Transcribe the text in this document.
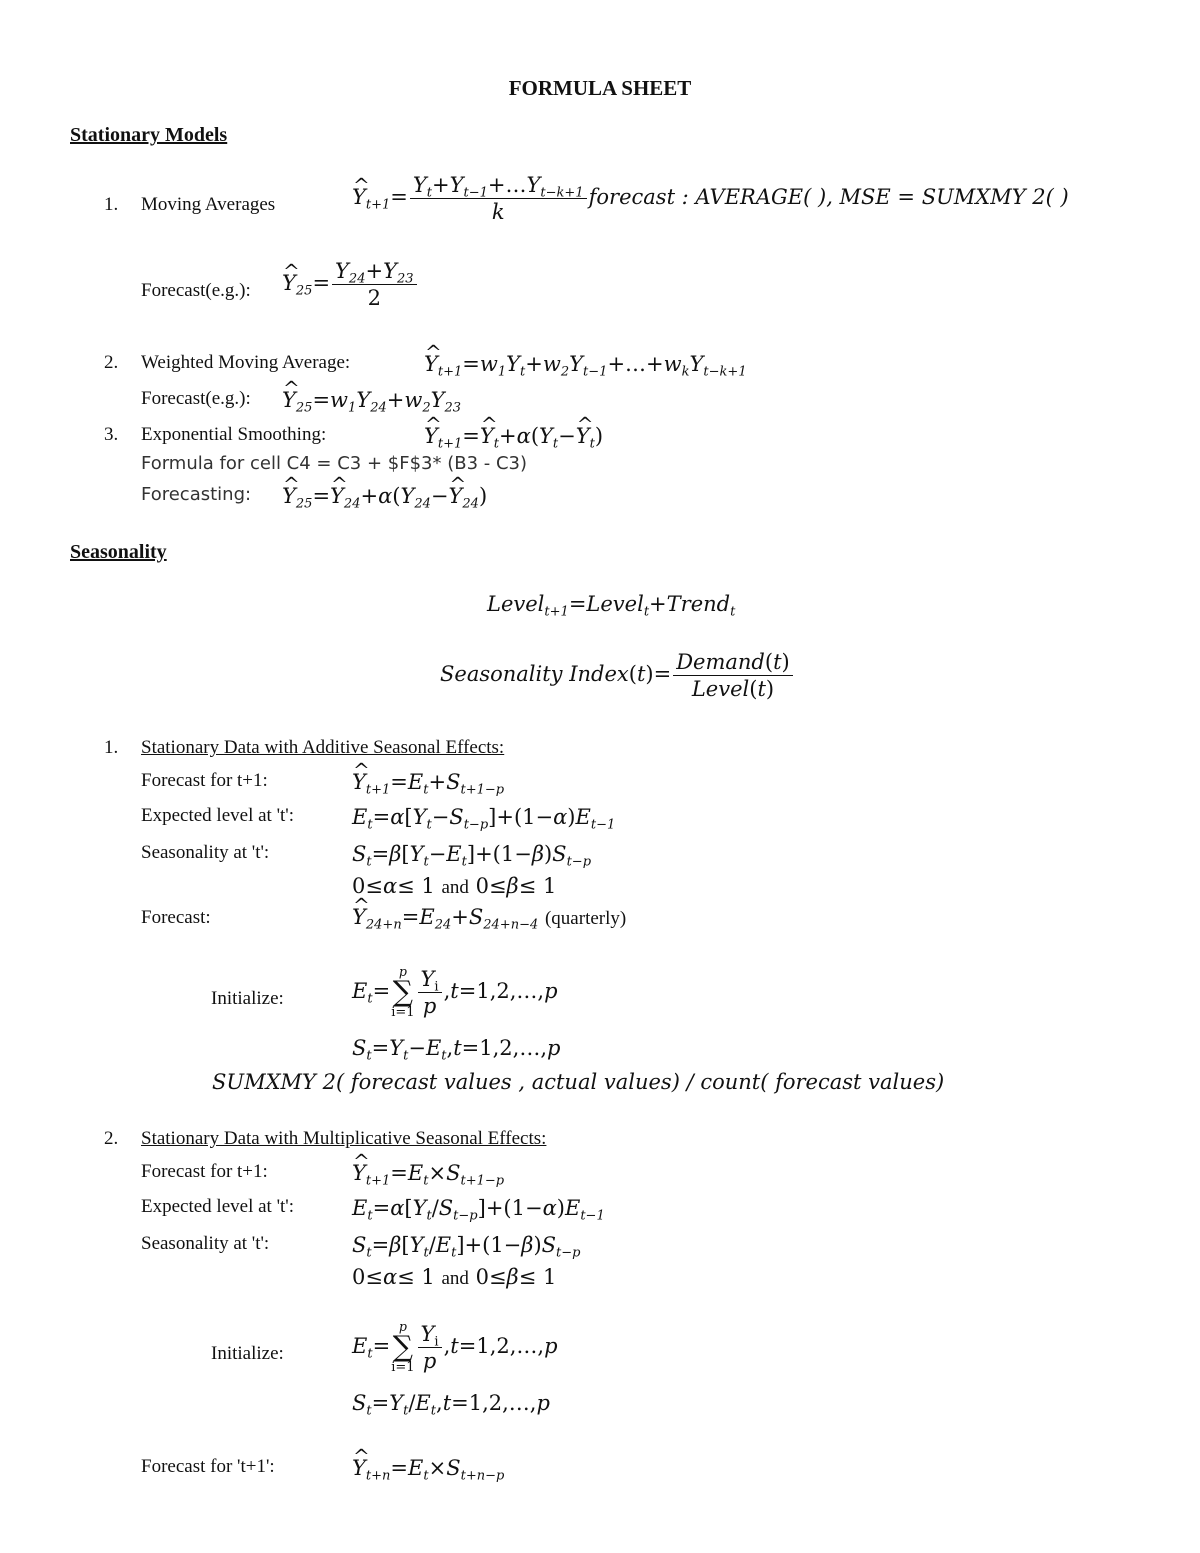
FORMULA SHEET
Stationary Models
1. Moving Averages	^ $Y_{t+1}= \frac{Y_t+Y_{t-1}+\dots Y_{t-k+1}}{k}$ forecast : AVERAGE( ), MSE = SUMXMY 2( )
Forecast(e.g.): ^ $Y_{25}= \frac{Y_{24}+Y_{23}}{2}$
2. Weighted Moving Average:	^ $Y_{t+1}=w_1Y_t+w_2Y_{t-1}+\dots+w_kY_{t-k+1}$
Forecast(e.g.): ^ $Y_{25}=w_1Y_{24}+w_2Y_{23}$
3. Exponential Smoothing:	^ $Y_{t+1}=\^{}$ $Y_t+\alpha(Y_t-\^{}$ $Y_t$)
Formula for cell C4 = C3 + $F$3* (B3 - C3)
Forecasting: ^ $Y_{25}=\^{}$ $Y_{24}+\alpha(Y_{24}-\^{}$ $Y_{24}$)
Seasonality
Level$_{t+1}$=Level$_t$+Trend$_t$
Seasonality Index(t)= $\frac{\text{Demand(t)}}{\text{Level(t)}}$
1. Stationary Data with Additive Seasonal Effects:
Forecast for t+1:	^ $Y_{t+1}=E_t+S_{t+1-p}$
Expected level at 't':	$E_t=\alpha[Y_t-S_{t-p}]+(1-\alpha)E_{t-1}$
Seasonality at 't':	$S_t=\beta[Y_t-E_t]+(1-\beta)S_{t-p}$
0≤α≤ 1 and 0≤β≤ 1
Forecast:	^ $Y_{24+n}=E_{24}+S_{24+n-4}$ (quarterly)
Initialize:	$E_t=$
p
∑
$i=1 \frac{Y_i}{p}$ ,t=1,2,…,p
$S_t=Y_t-E_t,t=1,2,\dots,p$
SUMXMY 2( forecast values , actual values) / count( forecast values)
2. Stationary Data with Multiplicative Seasonal Effects:
Forecast for t+1:	^ $Y_{t+1}=E_t\times S_{t+1-p}$
Expected level at 't':	$E_t=\alpha[Y_t/S_{t-p}]+(1-\alpha)E_{t-1}$
Seasonality at 't':	$S_t=\beta[Y_t/E_t]+(1-\beta)S_{t-p}$
0≤α≤ 1 and 0≤β≤ 1
Initialize:	$E_t=$
p
∑
$i=1 \frac{Y_i}{p}$ ,t=1,2,…,p
$S_t=Y_t/E_t,t=1,2,\dots,p$
Forecast for 't+1':	^ $Y_{t+n}=E_t\times S_{t+n-p}$
